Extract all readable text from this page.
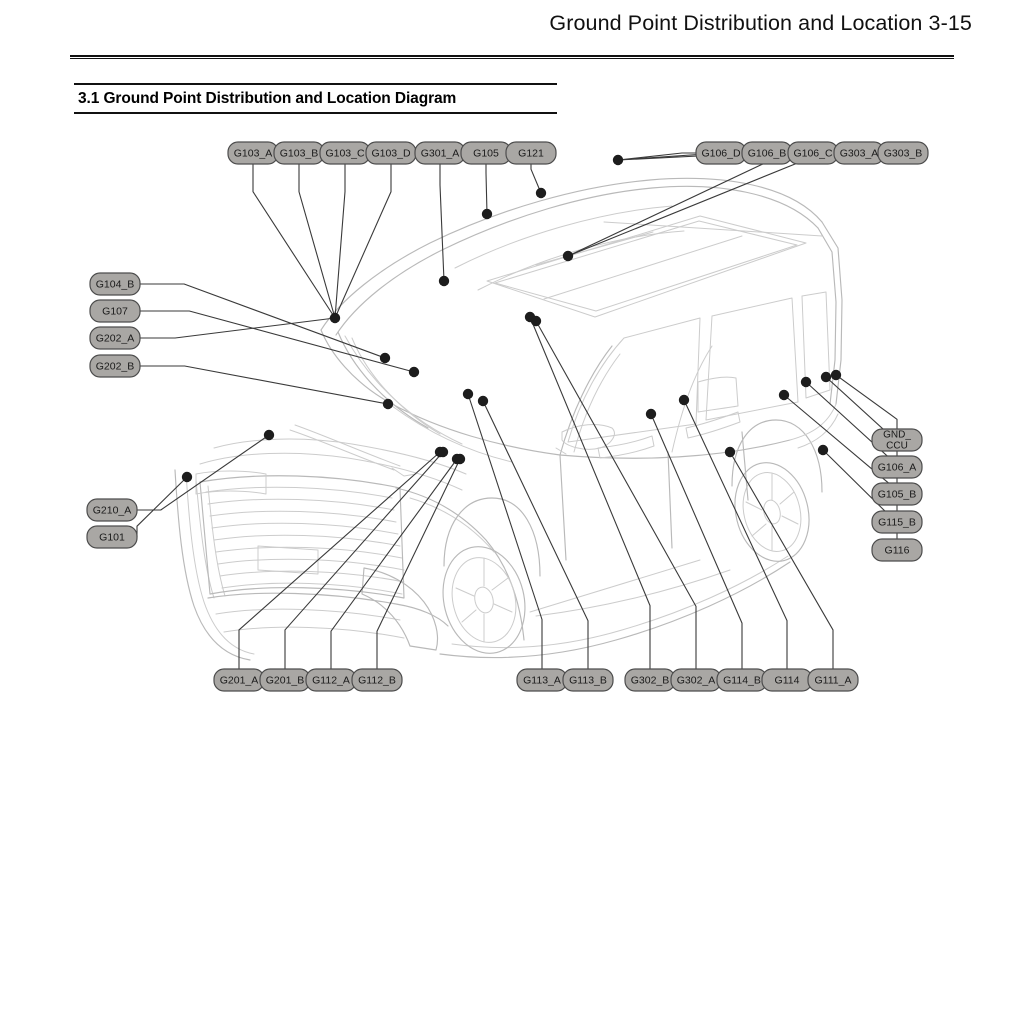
Ground Point Distribution and Location 3-15
3.1 Ground Point Distribution and Location Diagram
G103_A G103_B G103_C G103_D G301_A G105 G121	G106_D G106_B G106_C G303_A G303_B
G104_B
G107
G202_A
G202_B
G210_A
G101
GND_
CCU
G106_A
G105_B
G115_B
G116
G201_A G201_B G112_A G112_B	G113_A G113_B G302_B G302_A G114_B G114 G111_A
